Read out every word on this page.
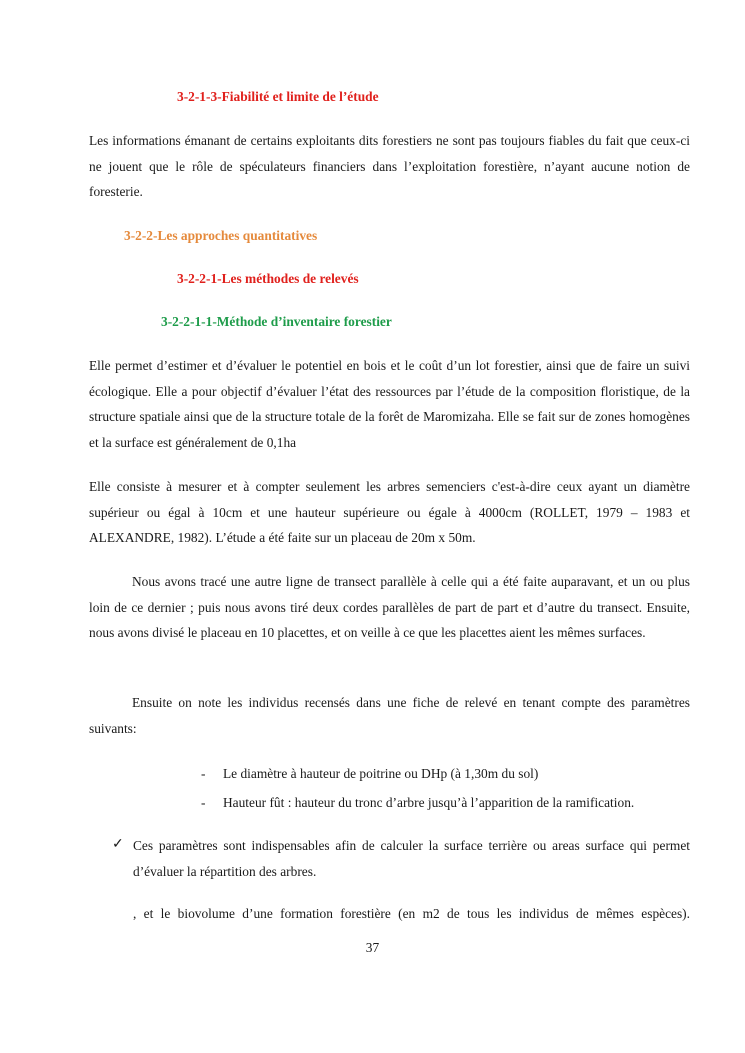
3-2-1-3-Fiabilité et limite de l’étude

Les informations émanant de certains exploitants dits forestiers ne sont pas toujours fiables du fait que ceux-ci ne jouent que le rôle de spéculateurs financiers dans l’exploitation forestière, n’ayant aucune notion de foresterie.

3-2-2-Les approches quantitatives
3-2-2-1-Les méthodes de relevés
3-2-2-1-1-Méthode d’inventaire forestier

Elle permet d’estimer et d’évaluer le potentiel en bois et le coût d’un lot forestier, ainsi que de faire un suivi écologique. Elle a pour objectif d’évaluer l’état des ressources par l’étude de la composition floristique, de la structure spatiale ainsi que de la structure totale de la forêt de Maromizaha. Elle se fait sur de zones homogènes et la surface est généralement de 0,1ha

Elle consiste à mesurer et à compter seulement les arbres semenciers c'est-à-dire ceux ayant un diamètre supérieur ou égal à 10cm et une hauteur supérieure ou égale à 4000cm (ROLLET, 1979 – 1983 et ALEXANDRE, 1982). L’étude a été faite sur un placeau de 20m x 50m.

Nous avons tracé une autre ligne de transect parallèle à celle qui a été faite auparavant, et un ou plus loin de ce dernier ; puis nous avons tiré deux cordes parallèles de part de part et d’autre du transect. Ensuite, nous avons divisé le placeau en 10 placettes, et on veille à ce que les placettes aient les mêmes surfaces.

Ensuite on note les individus recensés dans une fiche de relevé en tenant compte des paramètres suivants:

- Le diamètre à hauteur de poitrine ou DHp (à 1,30m du sol)
- Hauteur fût : hauteur du tronc d’arbre jusqu’à l’apparition de la ramification.
✓ Ces paramètres sont indispensables afin de calculer la surface terrière ou areas surface qui permet d’évaluer la répartition des arbres.

, et le biovolume d’une formation forestière (en m2 de tous les individus de mêmes espèces).
37
